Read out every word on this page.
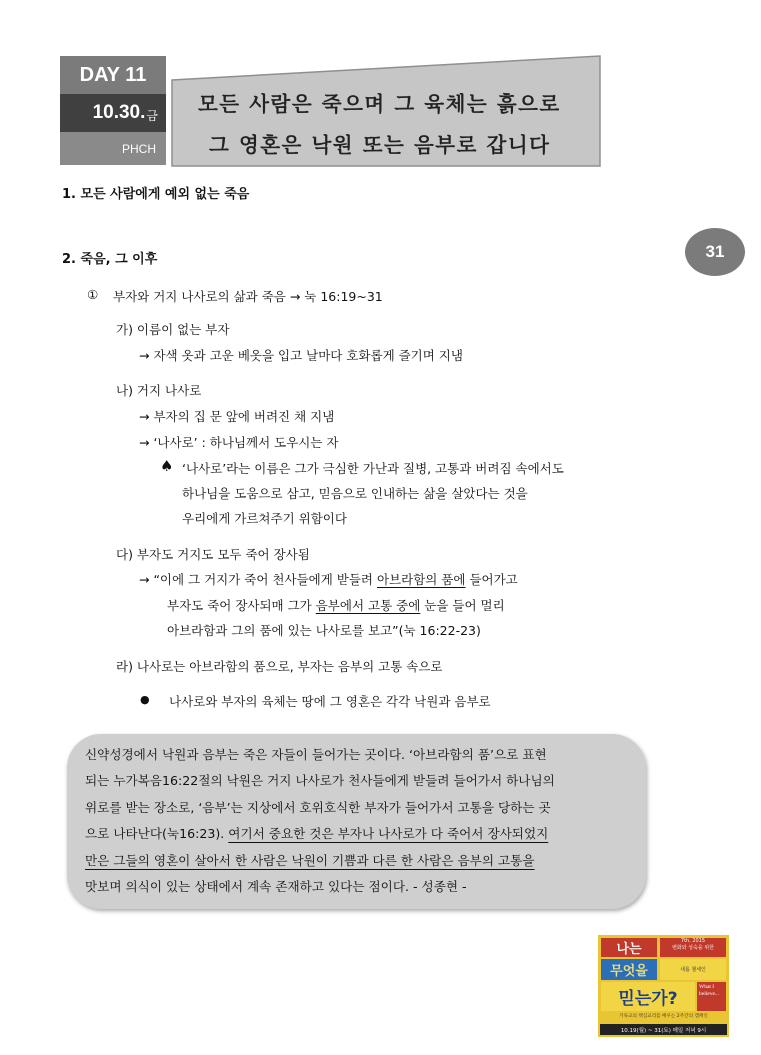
DAY 11
10.30. 금
PHCH
모든 사람은 죽으며 그 육체는 흙으로
그 영혼은 낙원 또는 음부로 갑니다
31
1. 모든 사람에게 예외 없는 죽음
2. 죽음, 그 이후
① 부자와 거지 나사로의 삶과 죽음 → 눅 16:19~31
가) 이름이 없는 부자
→ 자색 옷과 고운 베옷을 입고 날마다 호화롭게 즐기며 지냄
나) 거지 나사로
→ 부자의 집 문 앞에 버려진 채 지냄
→ ‘나사로’ : 하나님께서 도우시는 자
♠ ‘나사로’라는 이름은 그가 극심한 가난과 질병, 고통과 버려짐 속에서도
하나님을 도움으로 삼고, 믿음으로 인내하는 삶을 살았다는 것을
우리에게 가르쳐주기 위함이다
다) 부자도 거지도 모두 죽어 장사됨
→ “이에 그 거지가 죽어 천사들에게 받들려 아브라함의 품에 들어가고
부자도 죽어 장사되매 그가 음부에서 고통 중에 눈을 들어 멀리
아브라함과 그의 품에 있는 나사로를 보고”(눅 16:22-23)
라) 나사로는 아브라함의 품으로, 부자는 음부의 고통 속으로
● 나사로와 부자의 육체는 땅에 그 영혼은 각각 낙원과 음부로
신약성경에서 낙원과 음부는 죽은 자들이 들어가는 곳이다. ‘아브라함의 품’으로 표현
되는 누가복음16:22절의 낙원은 거지 나사로가 천사들에게 받들려 들어가서 하나님의
위로를 받는 장소로, ‘음부’는 지상에서 호위호식한 부자가 들어가서 고통을 당하는 곳
으로 나타난다(눅16:23). 여기서 중요한 것은 부자나 나사로가 다 죽어서 장사되었지
만은 그들의 영혼이 살아서 한 사람은 낙원이 기쁨과 다른 한 사람은 음부의 고통을
맛보며 의식이 있는 상태에서 계속 존재하고 있다는 점이다. - 성종현 -
나는
7th, 2015
변화와 성숙을 위한
무엇을	새롭 챌세인
믿는가?
What I believe...
기독교의 핵심교리를 배우는 2주간의 캠페인
10.19(월) ~ 31(토) 매일 저녁 9시
